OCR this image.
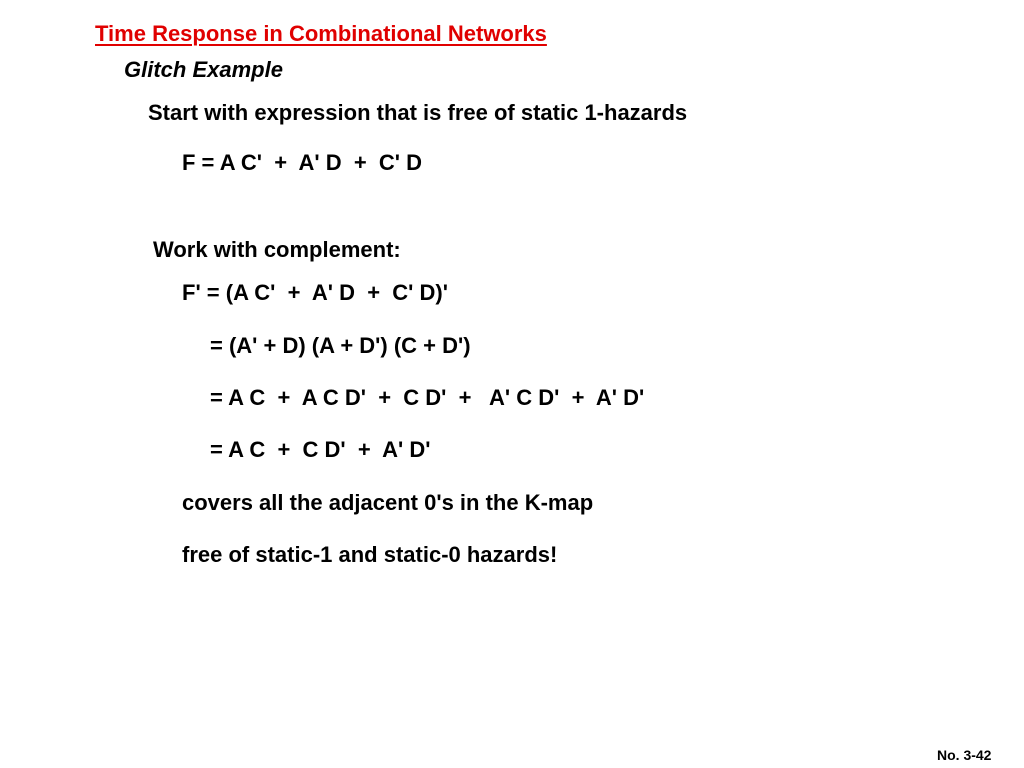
Time Response in Combinational Networks
Glitch Example
Start with expression that is free of static 1-hazards
F = A C'  +  A' D  +  C' D
Work with complement:
F' = (A C'  +  A' D  +  C' D)'
= (A' + D) (A + D') (C + D')
= A C  +  A C D'  +  C D'  +   A' C D'  +  A' D'
= A C  +  C D'  +  A' D'
covers all the adjacent 0's in the K-map
free of static-1 and static-0 hazards!
No. 3-42
